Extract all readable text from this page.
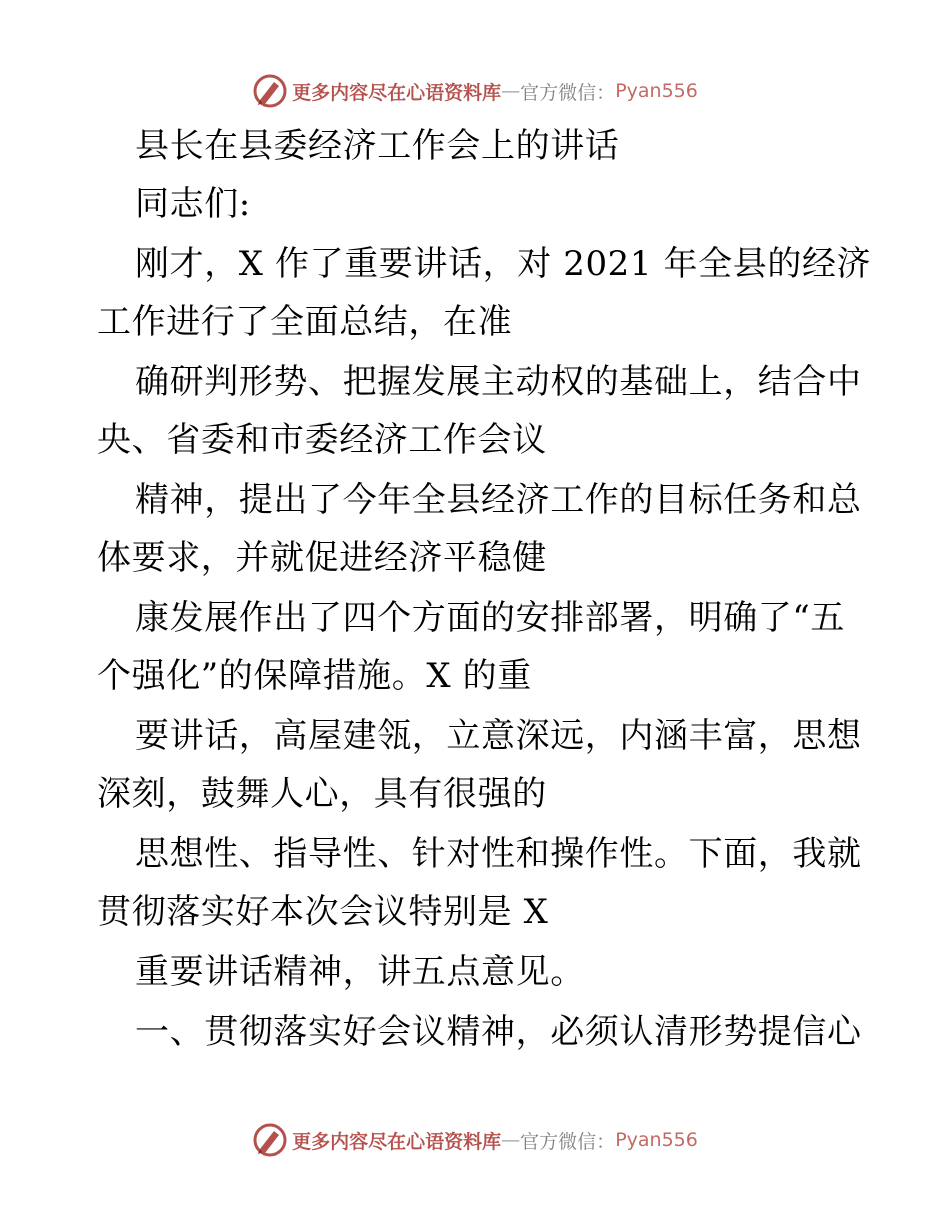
更多内容尽在心语资料库 — 官方微信： Pyan556
县长在县委经济工作会上的讲话
同志们:
刚才，X 作了重要讲话，对 2021 年全县的经济
工作进行了全面总结，在准
确研判形势、把握发展主动权的基础上，结合中
央、省委和市委经济工作会议
精神，提出了今年全县经济工作的目标任务和总
体要求，并就促进经济平稳健
康发展作出了四个方面的安排部署，明确了“五
个强化”的保障措施。X 的重
要讲话，高屋建瓴，立意深远，内涵丰富，思想
深刻，鼓舞人心，具有很强的
思想性、指导性、针对性和操作性。下面，我就
贯彻落实好本次会议特别是 X
重要讲话精神，讲五点意见。
一、贯彻落实好会议精神，必须认清形势提信心
更多内容尽在心语资料库 — 官方微信： Pyan556
